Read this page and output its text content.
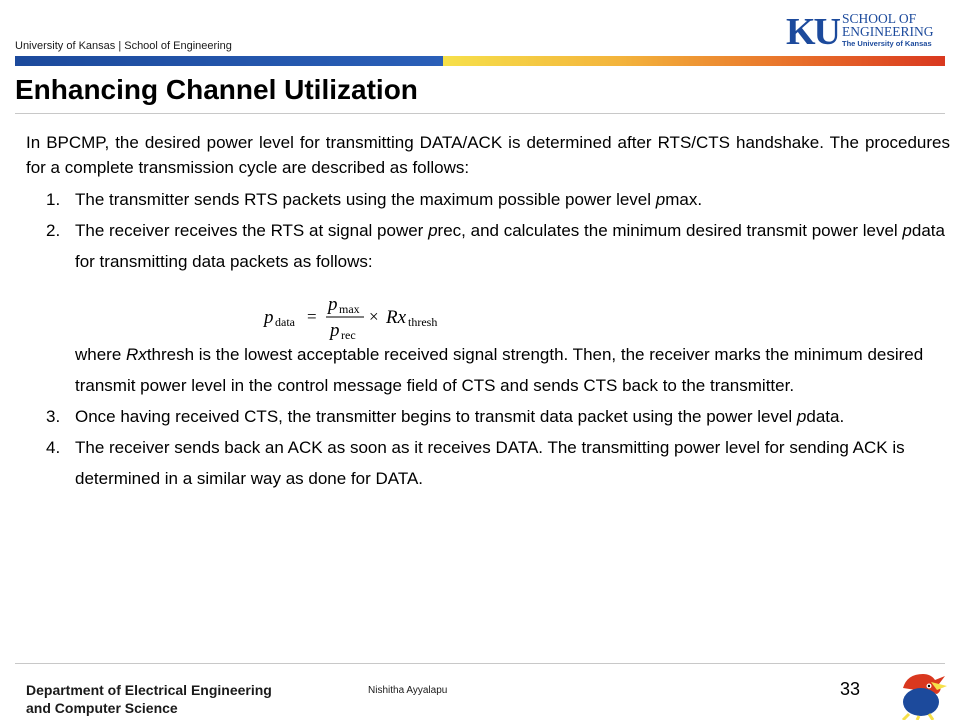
University of Kansas | School of Engineering	KU SCHOOL OF
ENGINEERING
The University of Kansas
Enhancing Channel Utilization

In BPCMP, the desired power level for transmitting DATA/ACK is determined after RTS/CTS handshake. The procedures for a complete transmission cycle are described as follows:

1. The transmitter sends RTS packets using the maximum possible power level pmax.
2. The receiver receives the RTS at signal power prec, and calculates the minimum desired transmit power level pdata for transmitting data packets as follows:
where Rxthresh is the lowest acceptable received signal strength. Then, the receiver marks the minimum desired transmit power level in the control message field of CTS and sends CTS back to the transmitter.
3. Once having received CTS, the transmitter begins to transmit data packet using the power level pdata.
4. The receiver sends back an ACK as soon as it receives DATA. The transmitting power level for sending ACK is determined in a similar way as done for DATA.
p data =
p max
p rec
× Rx thresh
Department of Electrical Engineering
and Computer Science
Nishitha Ayyalapu	33
